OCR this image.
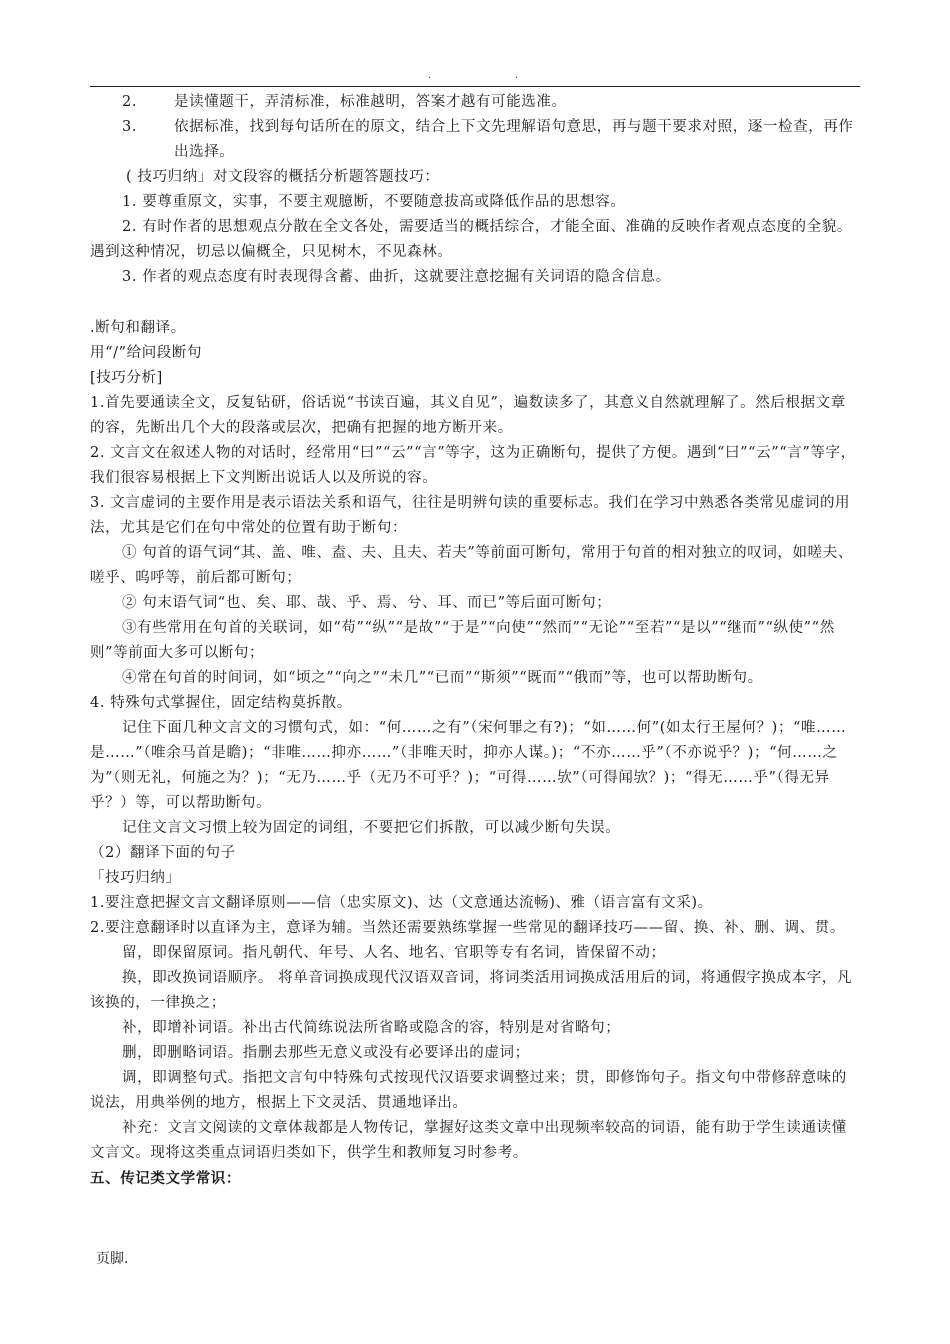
.	.
2.	是读懂题干，弄清标准，标准越明，答案才越有可能选准。
3.	依据标准，找到每句话所在的原文，结合上下文先理解语句意思，再与题干要求对照，逐一检查，再作出选择。

( 技巧归纳」对文段容的概括分析题答题技巧：

1. 要尊重原文，实事，不要主观臆断，不要随意拔高或降低作品的思想容。

2. 有时作者的思想观点分散在全文各处，需要适当的概括综合，才能全面、准确的反映作者观点态度的全貌。遇到这种情况，切忌以偏概全，只见树木，不见森林。

3. 作者的观点态度有时表现得含蓄、曲折，这就要注意挖掘有关词语的隐含信息。

.断句和翻译。

用“/”给问段断句

[技巧分析]

1.首先要通读全文，反复钻研，俗话说“书读百遍，其义自见”，遍数读多了，其意义自然就理解了。然后根据文章的容，先断出几个大的段落或层次，把确有把握的地方断开来。

2. 文言文在叙述人物的对话时，经常用“曰”“云”“言”等字，这为正确断句，提供了方便。遇到“曰”“云”“言”等字，我们很容易根据上下文判断出说话人以及所说的容。

3. 文言虚词的主要作用是表示语法关系和语气，往往是明辨句读的重要标志。我们在学习中熟悉各类常见虚词的用法，尤其是它们在句中常处的位置有助于断句：

① 句首的语气词“其、盖、唯、盍、夫、且夫、若夫”等前面可断句，常用于句首的相对独立的叹词，如嗟夫、嗟乎、呜呼等，前后都可断句；

② 句末语气词“也、矣、耶、哉、乎、焉、兮、耳、而已”等后面可断句；

③有些常用在句首的关联词，如“苟”“纵”“是故”“于是”“向使”“然而”“无论”“至若”“是以”“继而”“纵使”“然则”等前面大多可以断句；

④常在句首的时间词，如“顷之”“向之”“未几”“已而”“斯须”“既而”“俄而”等，也可以帮助断句。

4. 特殊句式掌握住，固定结构莫拆散。

记住下面几种文言文的习惯句式，如：“何……之有”（宋何罪之有?)；“如……何”(如太行王屋何？)；“唯……是……”（唯余马首是瞻)；“非唯……抑亦……”（非唯天时，抑亦人谋。)；“不亦……乎”（不亦说乎？)；“何……之为”（则无礼，何施之为？)；“无乃……乎（无乃不可乎？)；“可得……欤”（可得闻欤？)；“得无……乎”（得无异乎？）等，可以帮助断句。

记住文言文习惯上较为固定的词组，不要把它们拆散，可以减少断句失误。

（2）翻译下面的句子

「技巧归纳」

1.要注意把握文言文翻译原则——信（忠实原文)、达（文意通达流畅)、雅（语言富有文采)。

2.要注意翻译时以直译为主，意译为辅。当然还需要熟练掌握一些常见的翻译技巧——留、换、补、删、调、贯。

留，即保留原词。指凡朝代、年号、人名、地名、官职等专有名词，皆保留不动；

换，即改换词语顺序。 将单音词换成现代汉语双音词，将词类活用词换成活用后的词，将通假字换成本字，凡该换的，一律换之；

补，即增补词语。补出古代简练说法所省略或隐含的容，特别是对省略句；

删，即删略词语。指删去那些无意义或没有必要译出的虚词；

调，即调整句式。指把文言句中特殊句式按现代汉语要求调整过来；贯，即修饰句子。指文句中带修辞意味的说法，用典举例的地方，根据上下文灵活、贯通地译出。

补充：文言文阅读的文章体裁都是人物传记，掌握好这类文章中出现频率较高的词语，能有助于学生读通读懂文言文。现将这类重点词语归类如下，供学生和教师复习时参考。

五、传记类文学常识：

页脚.
